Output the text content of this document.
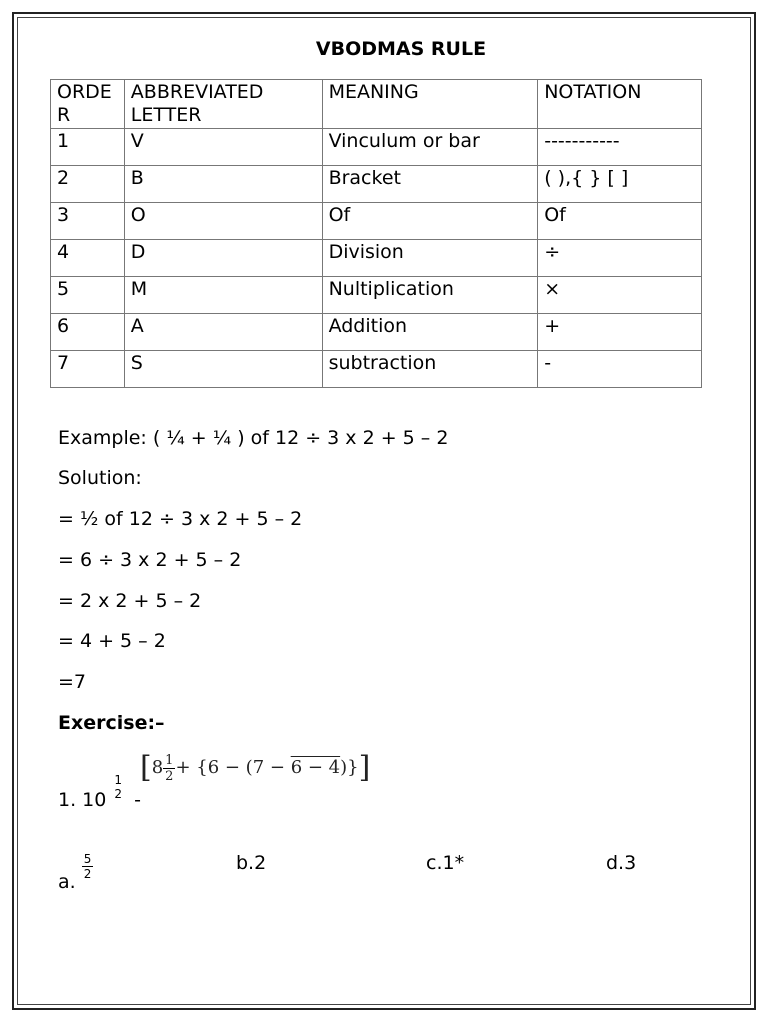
VBODMAS RULE
ORDER	ABBREVIATED LETTER	MEANING	NOTATION
1	V	Vinculum or bar	-----------
2	B	Bracket	( ),{ } [ ]
3	O	Of	Of
4	D	Division	÷
5	M	Nultiplication	×
6	A	Addition	+
7	S	subtraction	-
Example: ( ¼ + ¼ ) of 12 ÷ 3 x 2 + 5 – 2
Solution:
= ½ of 12 ÷ 3 x 2 + 5 – 2
= 6 ÷ 3 x 2 + 5 – 2
= 2 x 2 + 5 – 2
= 4 + 5 – 2
=7
Exercise:–
1. 10
1
2 -
$[8 \frac{1}{2} + \{6 - (7 - 6 - 4)\}]$
a.
$\frac{5}{2}$	b.2	c.1*	d.3
